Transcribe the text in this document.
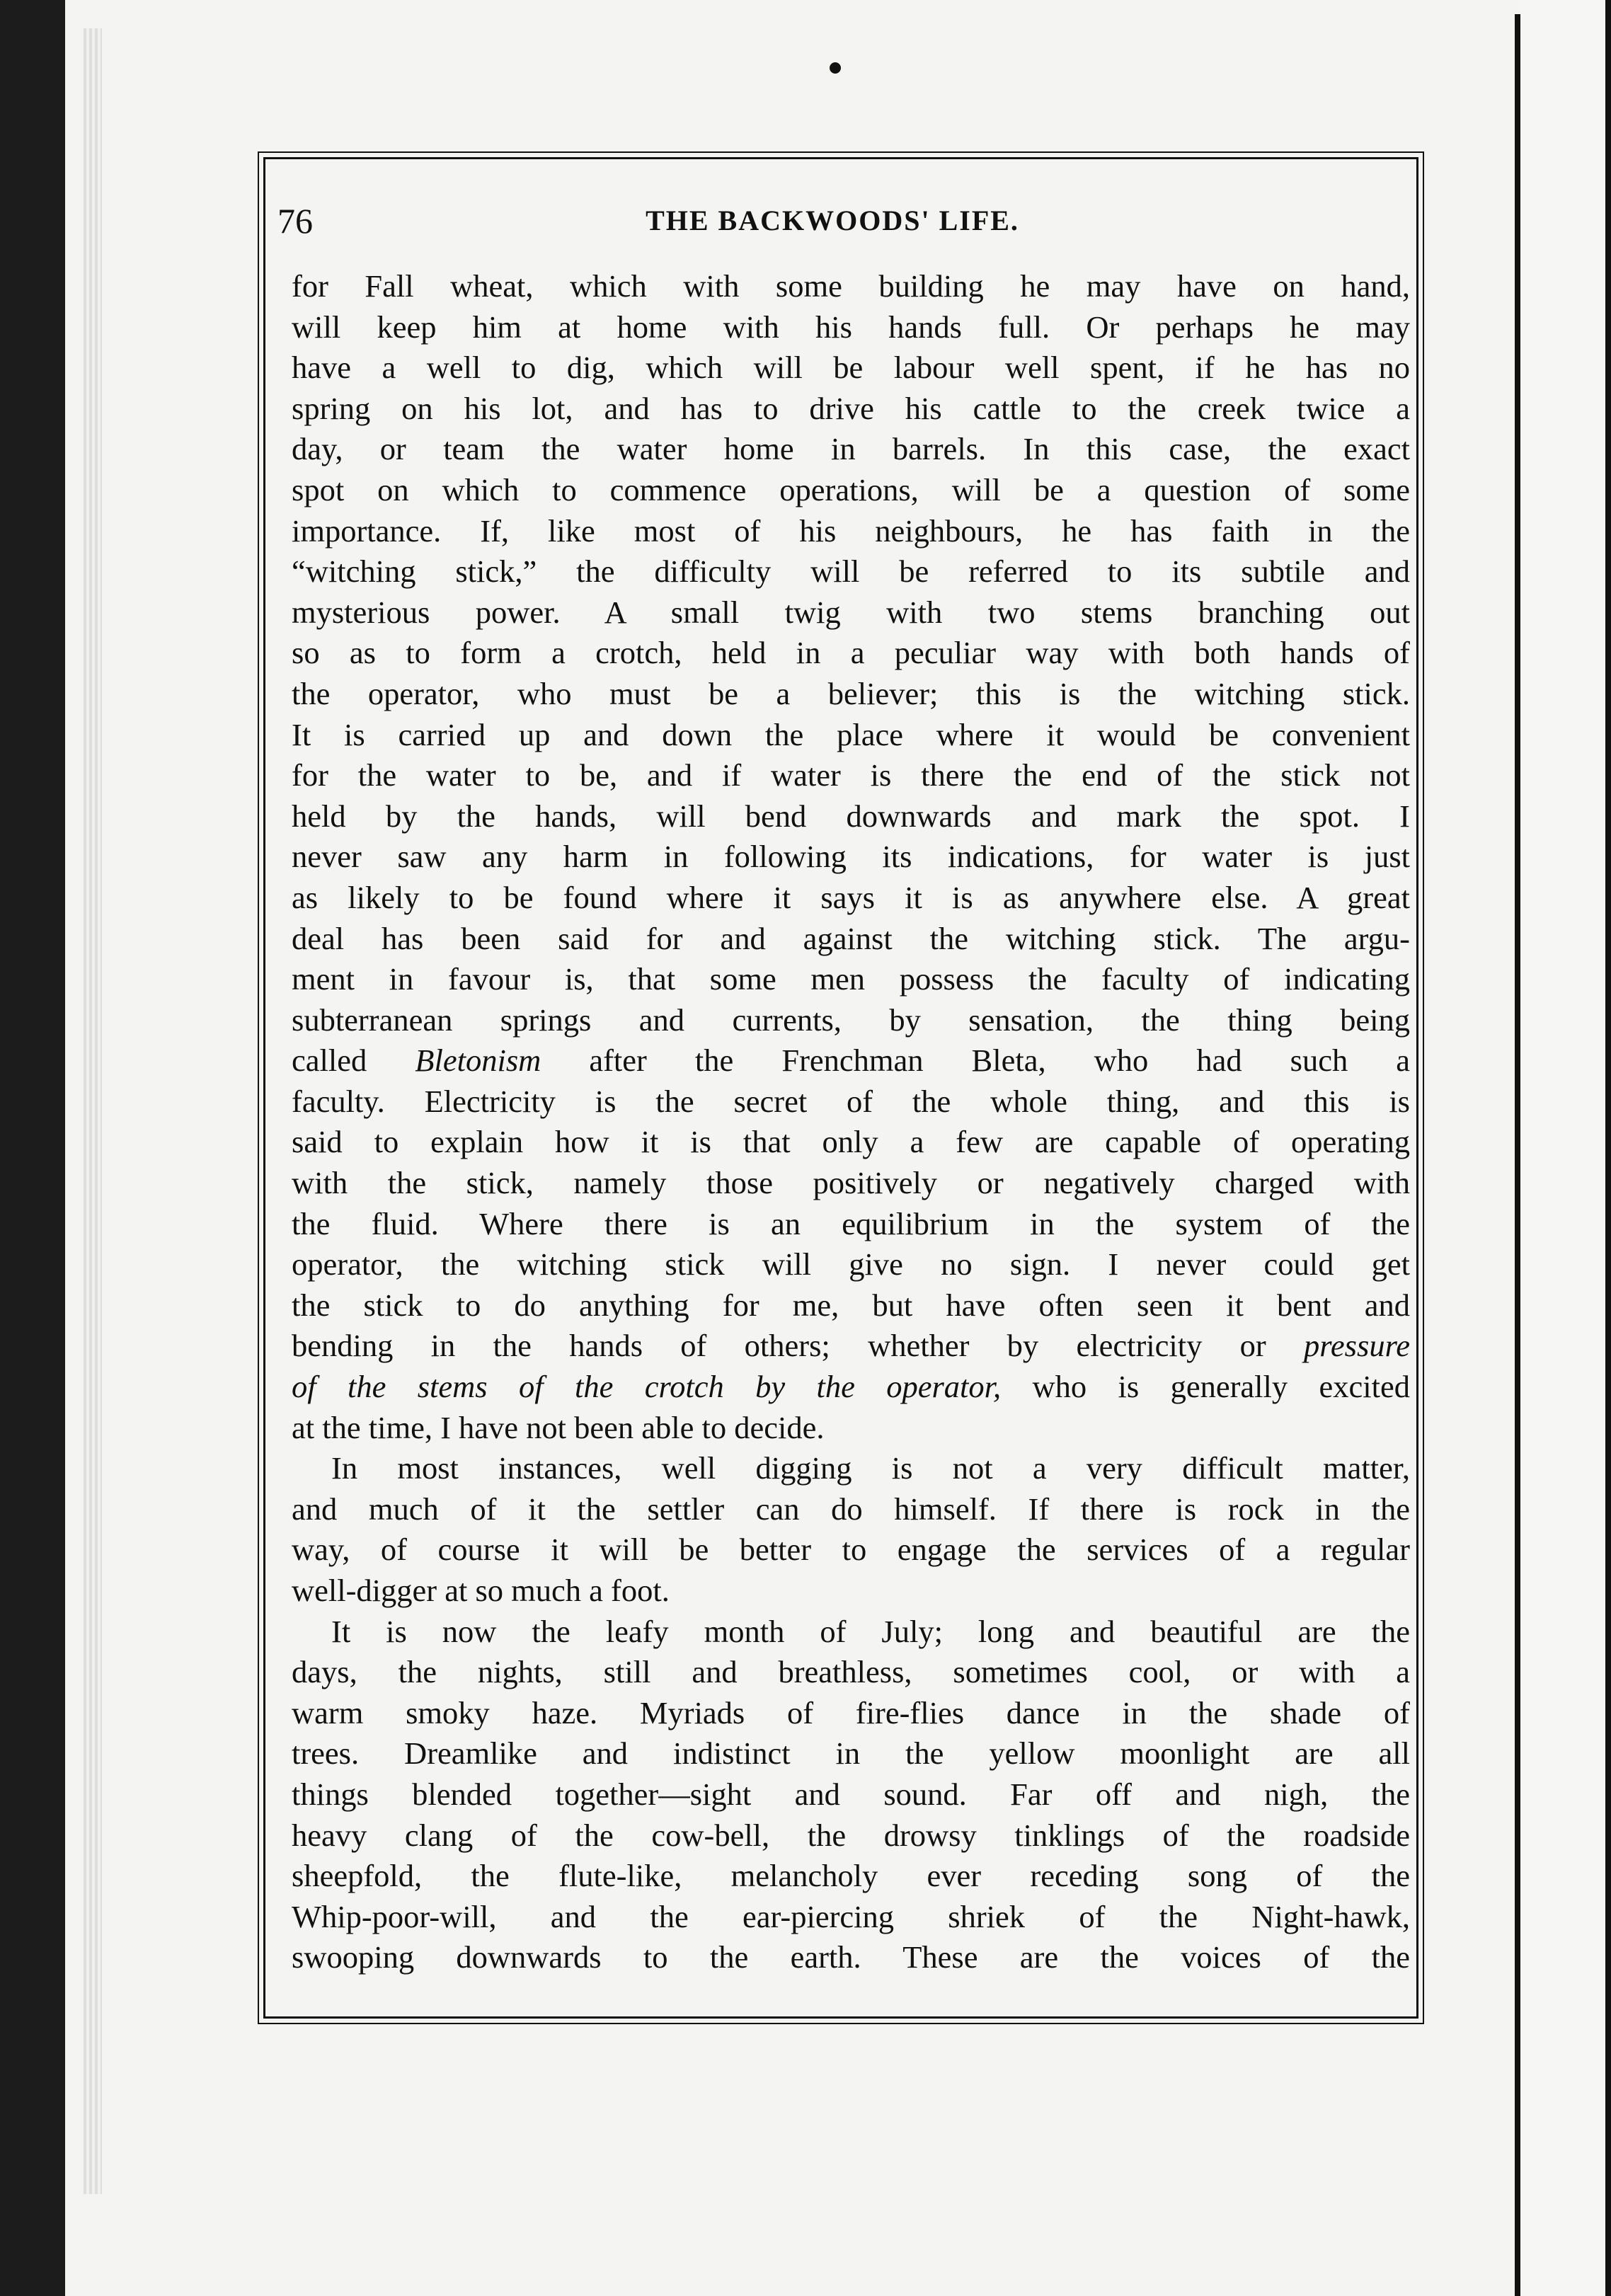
76	THE BACKWOODS' LIFE.
for Fall wheat, which with some building he may have on hand,
will keep him at home with his hands full. Or perhaps he may
have a well to dig, which will be labour well spent, if he has no
spring on his lot, and has to drive his cattle to the creek twice a
day, or team the water home in barrels. In this case, the exact
spot on which to commence operations, will be a question of some
importance. If, like most of his neighbours, he has faith in the
“witching stick,” the difficulty will be referred to its subtile and
mysterious power. A small twig with two stems branching out
so as to form a crotch, held in a peculiar way with both hands of
the operator, who must be a believer; this is the witching stick.
It is carried up and down the place where it would be convenient
for the water to be, and if water is there the end of the stick not
held by the hands, will bend downwards and mark the spot. I
never saw any harm in following its indications, for water is just
as likely to be found where it says it is as anywhere else. A great
deal has been said for and against the witching stick. The argu-
ment in favour is, that some men possess the faculty of indicating
subterranean springs and currents, by sensation, the thing being
called Bletonism after the Frenchman Bleta, who had such a
faculty. Electricity is the secret of the whole thing, and this is
said to explain how it is that only a few are capable of operating
with the stick, namely those positively or negatively charged with
the fluid. Where there is an equilibrium in the system of the
operator, the witching stick will give no sign. I never could get
the stick to do anything for me, but have often seen it bent and
bending in the hands of others; whether by electricity or pressure
of the stems of the crotch by the operator, who is generally excited
at the time, I have not been able to decide.
In most instances, well digging is not a very difficult matter,
and much of it the settler can do himself. If there is rock in the
way, of course it will be better to engage the services of a regular
well-digger at so much a foot.
It is now the leafy month of July; long and beautiful are the
days, the nights, still and breathless, sometimes cool, or with a
warm smoky haze. Myriads of fire-flies dance in the shade of
trees. Dreamlike and indistinct in the yellow moonlight are all
things blended together—sight and sound. Far off and nigh, the
heavy clang of the cow-bell, the drowsy tinklings of the roadside
sheepfold, the flute-like, melancholy ever receding song of the
Whip-poor-will, and the ear-piercing shriek of the Night-hawk,
swooping downwards to the earth. These are the voices of the
